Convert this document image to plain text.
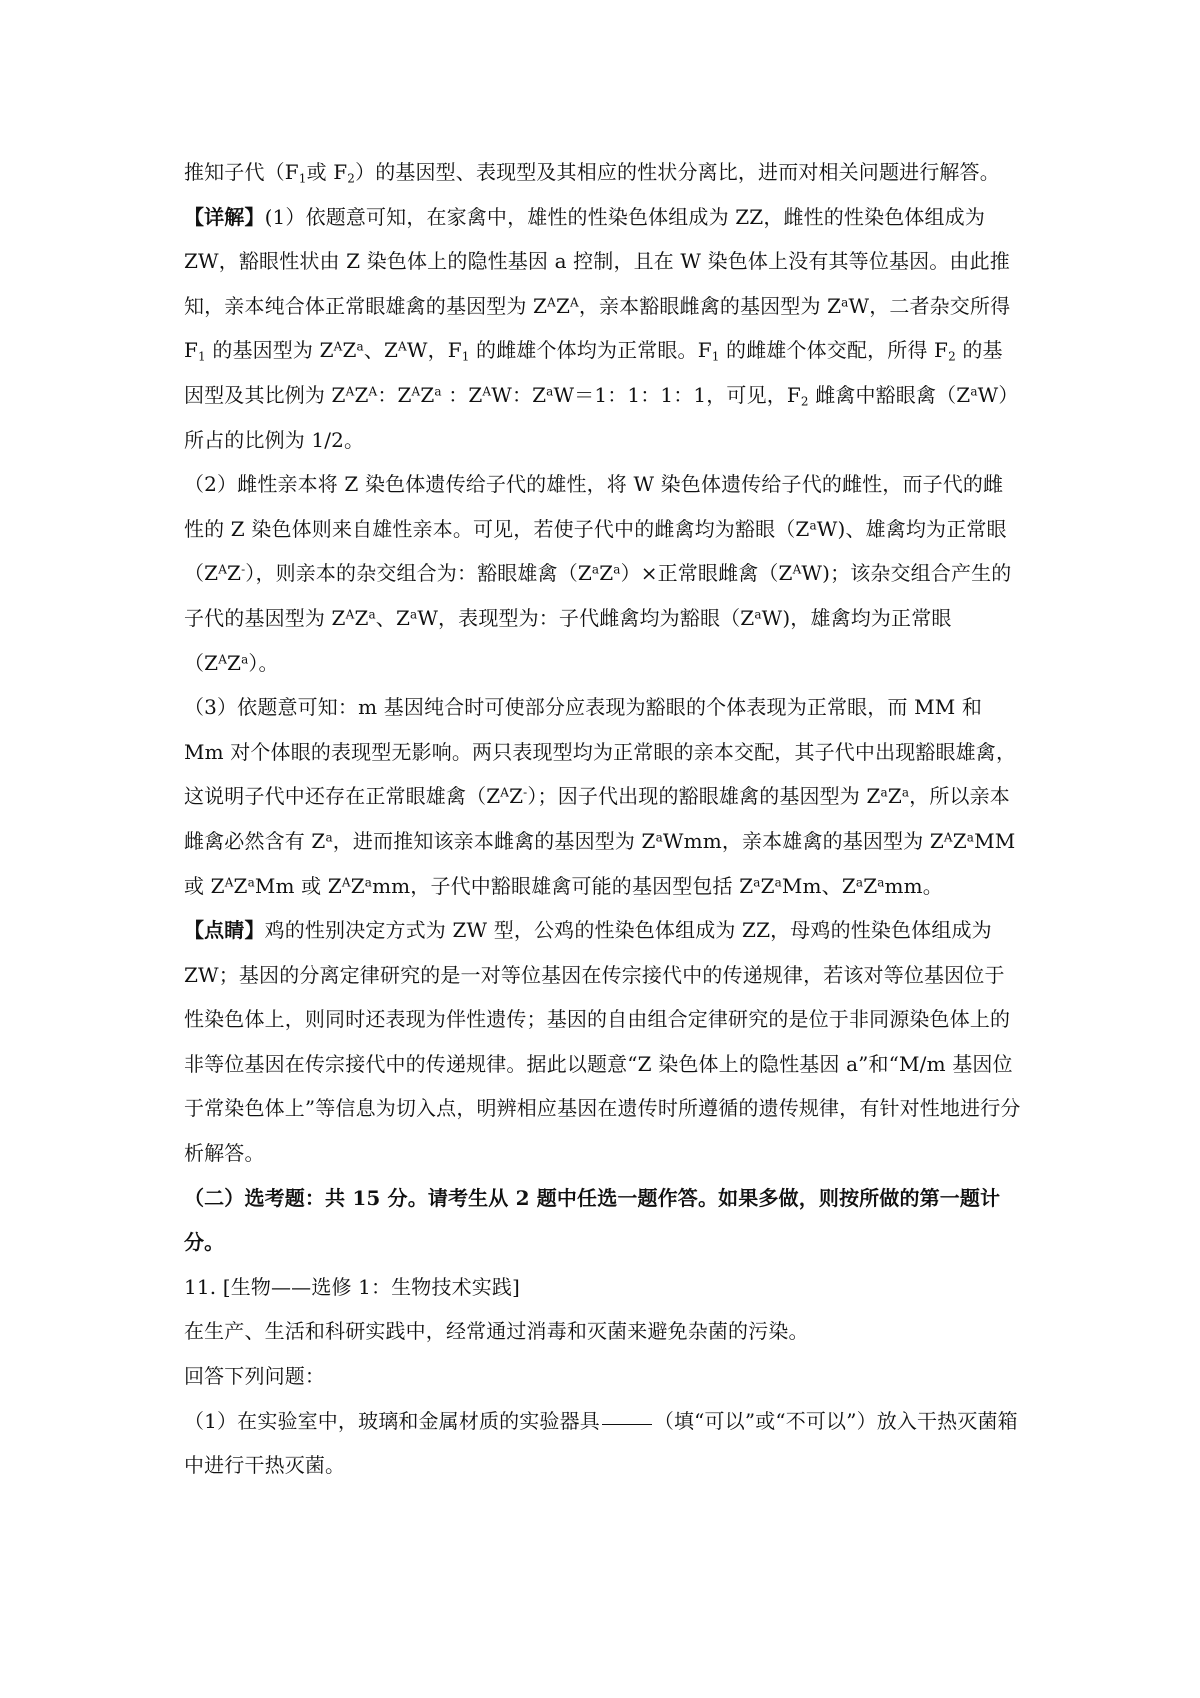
推知子代（$F_1$或 $F_2$）的基因型、表现型及其相应的性状分离比，进而对相关问题进行解答。

【详解】(1）依题意可知，在家禽中，雄性的性染色体组成为 ZZ，雌性的性染色体组成为 ZW，豁眼性状由 Z 染色体上的隐性基因 a 控制，且在 W 染色体上没有其等位基因。由此推知，亲本纯合体正常眼雄禽的基因型为 $Z^AZ^A$，亲本豁眼雌禽的基因型为 $Z^aW$，二者杂交所得 $F_1$ 的基因型为 $Z^AZ^a$、$Z^AW$，$F_1$ 的雌雄个体均为正常眼。$F_1$ 的雌雄个体交配，所得 $F_2$ 的基因型及其比例为 $Z^AZ^A$：$Z^AZ^a$ ：$Z^AW$：$Z^aW=1$：1：1：1，可见，$F_2$ 雌禽中豁眼禽$(Z^aW)$所占的比例为 1/2。

（2）雌性亲本将 Z 染色体遗传给子代的雄性，将 W 染色体遗传给子代的雌性，而子代的雌性的 Z 染色体则来自雄性亲本。可见，若使子代中的雌禽均为豁眼$(Z^aW)$、雄禽均为正常眼$(Z^AZ^-)$，则亲本的杂交组合为：豁眼雄禽$(Z^aZ^a)\times$正常眼雌禽$(Z^AW)$；该杂交组合产生的子代的基因型为 $Z^AZ^a$、$Z^aW$，表现型为：子代雌禽均为豁眼$(Z^aW)$，雄禽均为正常眼$(Z^AZ^a)$。

（3）依题意可知：m 基因纯合时可使部分应表现为豁眼的个体表现为正常眼，而 MM 和 Mm 对个体眼的表现型无影响。两只表现型均为正常眼的亲本交配，其子代中出现豁眼雄禽，这说明子代中还存在正常眼雄禽$(Z^AZ^-)$；因子代出现的豁眼雄禽的基因型为 $Z^aZ^a$，所以亲本雌禽必然含有 $Z^a$，进而推知该亲本雌禽的基因型为 $Z^aWmm$，亲本雄禽的基因型为 $Z^AZ^aMM$ 或 $Z^AZ^aMm$ 或 $Z^AZ^amm$，子代中豁眼雄禽可能的基因型包括 $Z^aZ^aMm$、$Z^aZ^amm$。

【点睛】鸡的性别决定方式为 ZW 型，公鸡的性染色体组成为 ZZ，母鸡的性染色体组成为 ZW；基因的分离定律研究的是一对等位基因在传宗接代中的传递规律，若该对等位基因位于性染色体上，则同时还表现为伴性遗传；基因的自由组合定律研究的是位于非同源染色体上的非等位基因在传宗接代中的传递规律。据此以题意“Z 染色体上的隐性基因 a”和“M/m 基因位于常染色体上”等信息为切入点，明辨相应基因在遗传时所遵循的遗传规律，有针对性地进行分析解答。

（二）选考题：共 15 分。请考生从 2 题中任选一题作答。如果多做，则按所做的第一题计分。

11. [生物——选修 1：生物技术实践]

在生产、生活和科研实践中，经常通过消毒和灭菌来避免杂菌的污染。

回答下列问题：

（1）在实验室中，玻璃和金属材质的实验器具	（填“可以”或“不可以”）放入干热灭菌箱中进行干热灭菌。
